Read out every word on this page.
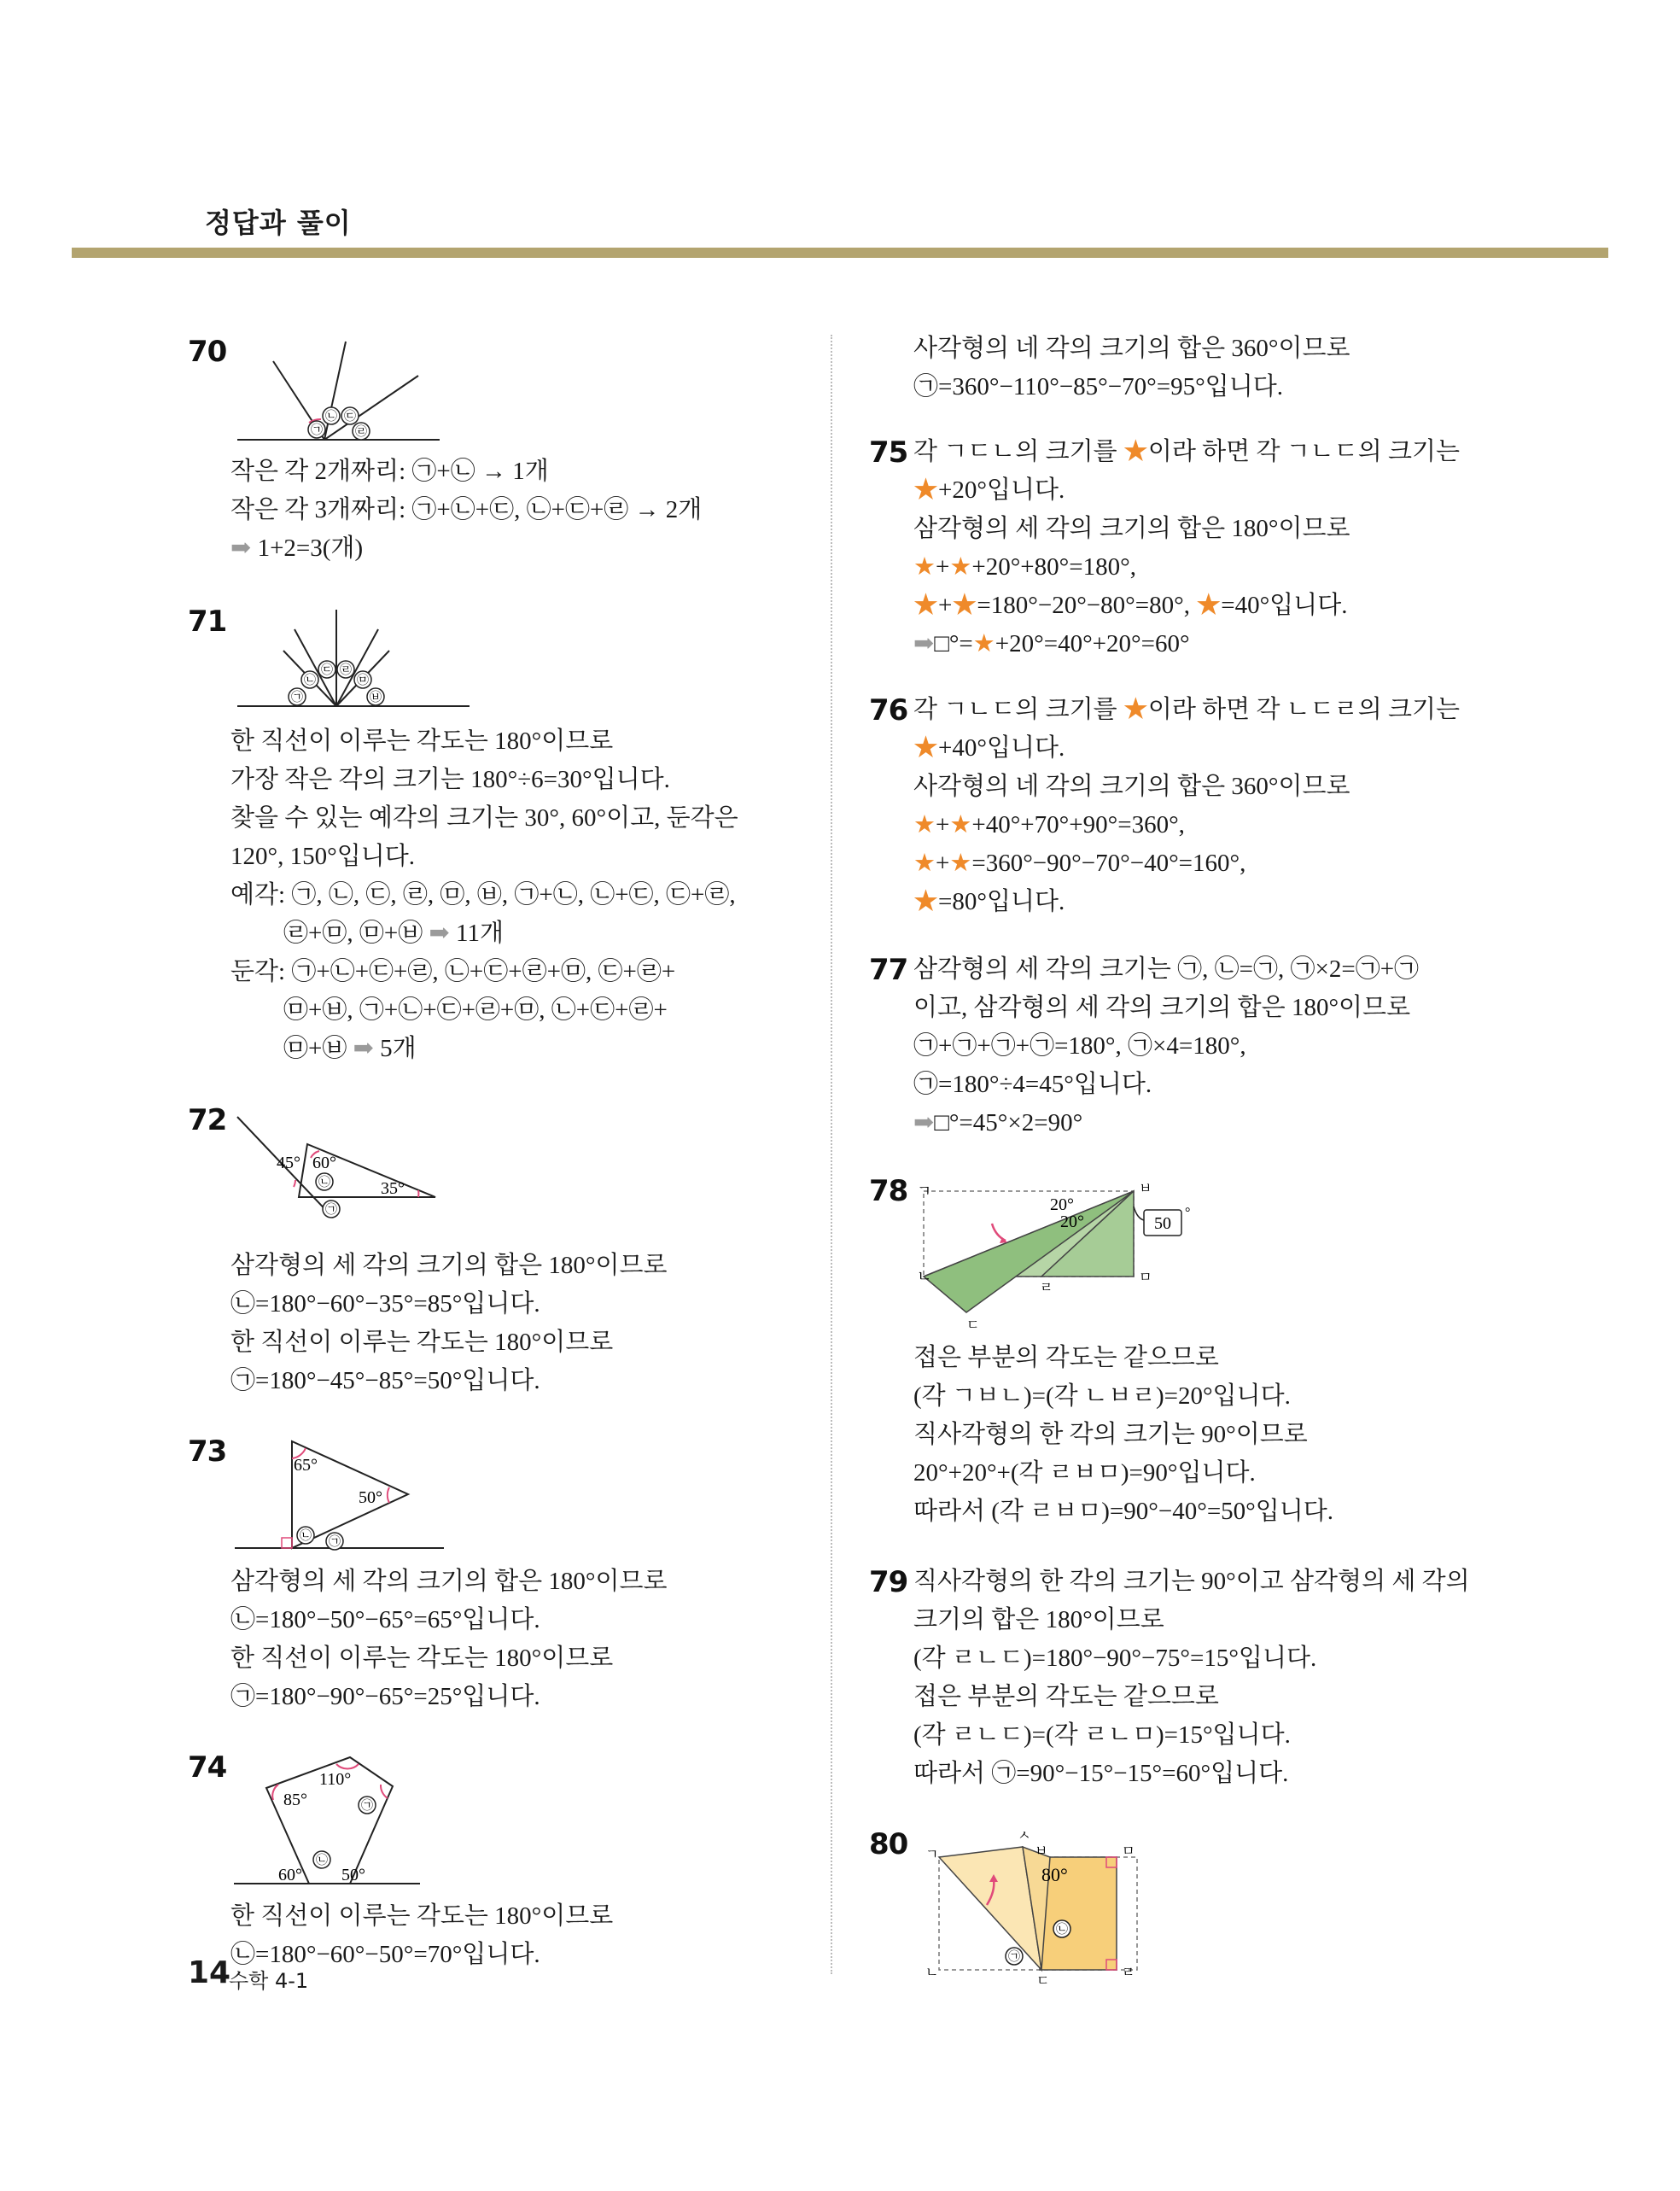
정답과 풀이
70
㉠
㉡ ㉢
㉣
작은 각 2개짜리: ㉠+㉡ → 1개
작은 각 3개짜리: ㉠+㉡+㉢, ㉡+㉢+㉣ → 2개
➡ 1+2=3(개)
71
㉠
㉡
㉢ ㉣
㉤
㉥
한 직선이 이루는 각도는 180°이므로
가장 작은 각의 크기는 180°÷6=30°입니다.
찾을 수 있는 예각의 크기는 30°, 60°이고, 둔각은
120°, 150°입니다.
예각: ㉠, ㉡, ㉢, ㉣, ㉤, ㉥, ㉠+㉡, ㉡+㉢, ㉢+㉣,
㉣+㉤, ㉤+㉥ ➡ 11개
둔각: ㉠+㉡+㉢+㉣, ㉡+㉢+㉣+㉤, ㉢+㉣+
㉤+㉥, ㉠+㉡+㉢+㉣+㉤, ㉡+㉢+㉣+
㉤+㉥ ➡ 5개
72
60°
45°
35°
㉡
㉠
삼각형의 세 각의 크기의 합은 180°이므로
㉡=180°−60°−35°=85°입니다.
한 직선이 이루는 각도는 180°이므로
㉠=180°−45°−85°=50°입니다.
73	65°
50°
㉡ ㉠
삼각형의 세 각의 크기의 합은 180°이므로
㉡=180°−50°−65°=65°입니다.
한 직선이 이루는 각도는 180°이므로
㉠=180°−90°−65°=25°입니다.
74	110°
85°
60° 50°
㉠
㉡
한 직선이 이루는 각도는 180°이므로
㉡=180°−60°−50°=70°입니다.
사각형의 네 각의 크기의 합은 360°이므로
㉠=360°−110°−85°−70°=95°입니다.
75 각 ㄱㄷㄴ의 크기를 ★이라 하면 각 ㄱㄴㄷ의 크기는
★+20°입니다.
삼각형의 세 각의 크기의 합은 180°이므로
★+★+20°+80°=180°,
★+★=180°−20°−80°=80°, ★=40°입니다.
➡□°=★+20°=40°+20°=60°
76 각 ㄱㄴㄷ의 크기를 ★이라 하면 각 ㄴㄷㄹ의 크기는
★+40°입니다.
사각형의 네 각의 크기의 합은 360°이므로
★+★+40°+70°+90°=360°,
★+★=360°−90°−70°−40°=160°,
★=80°입니다.
77 삼각형의 세 각의 크기는 ㉠, ㉡=㉠, ㉠×2=㉠+㉠
이고, 삼각형의 세 각의 크기의 합은 180°이므로
㉠+㉠+㉠+㉠=180°, ㉠×4=180°,
㉠=180°÷4=45°입니다.
➡□°=45°×2=90°
78 ㄱ	ㅂ
ㄴ
ㄹ
ㅁ
ㄷ
20°
20°	50
°
접은 부분의 각도는 같으므로
(각 ㄱㅂㄴ)=(각 ㄴㅂㄹ)=20°입니다.
직사각형의 한 각의 크기는 90°이므로
20°+20°+(각 ㄹㅂㅁ)=90°입니다.
따라서 (각 ㄹㅂㅁ)=90°−40°=50°입니다.
79 직사각형의 한 각의 크기는 90°이고 삼각형의 세 각의
크기의 합은 180°이므로
(각 ㄹㄴㄷ)=180°−90°−75°=15°입니다.
접은 부분의 각도는 같으므로
(각 ㄹㄴㄷ)=(각 ㄹㄴㅁ)=15°입니다.
따라서 ㉠=90°−15°−15°=60°입니다.
80 ㄱ
ㅅ
ㅂ	ㅁ
ㄴ
ㄷ
ㄹ
80°
㉡
㉠
14
수학 4-1
